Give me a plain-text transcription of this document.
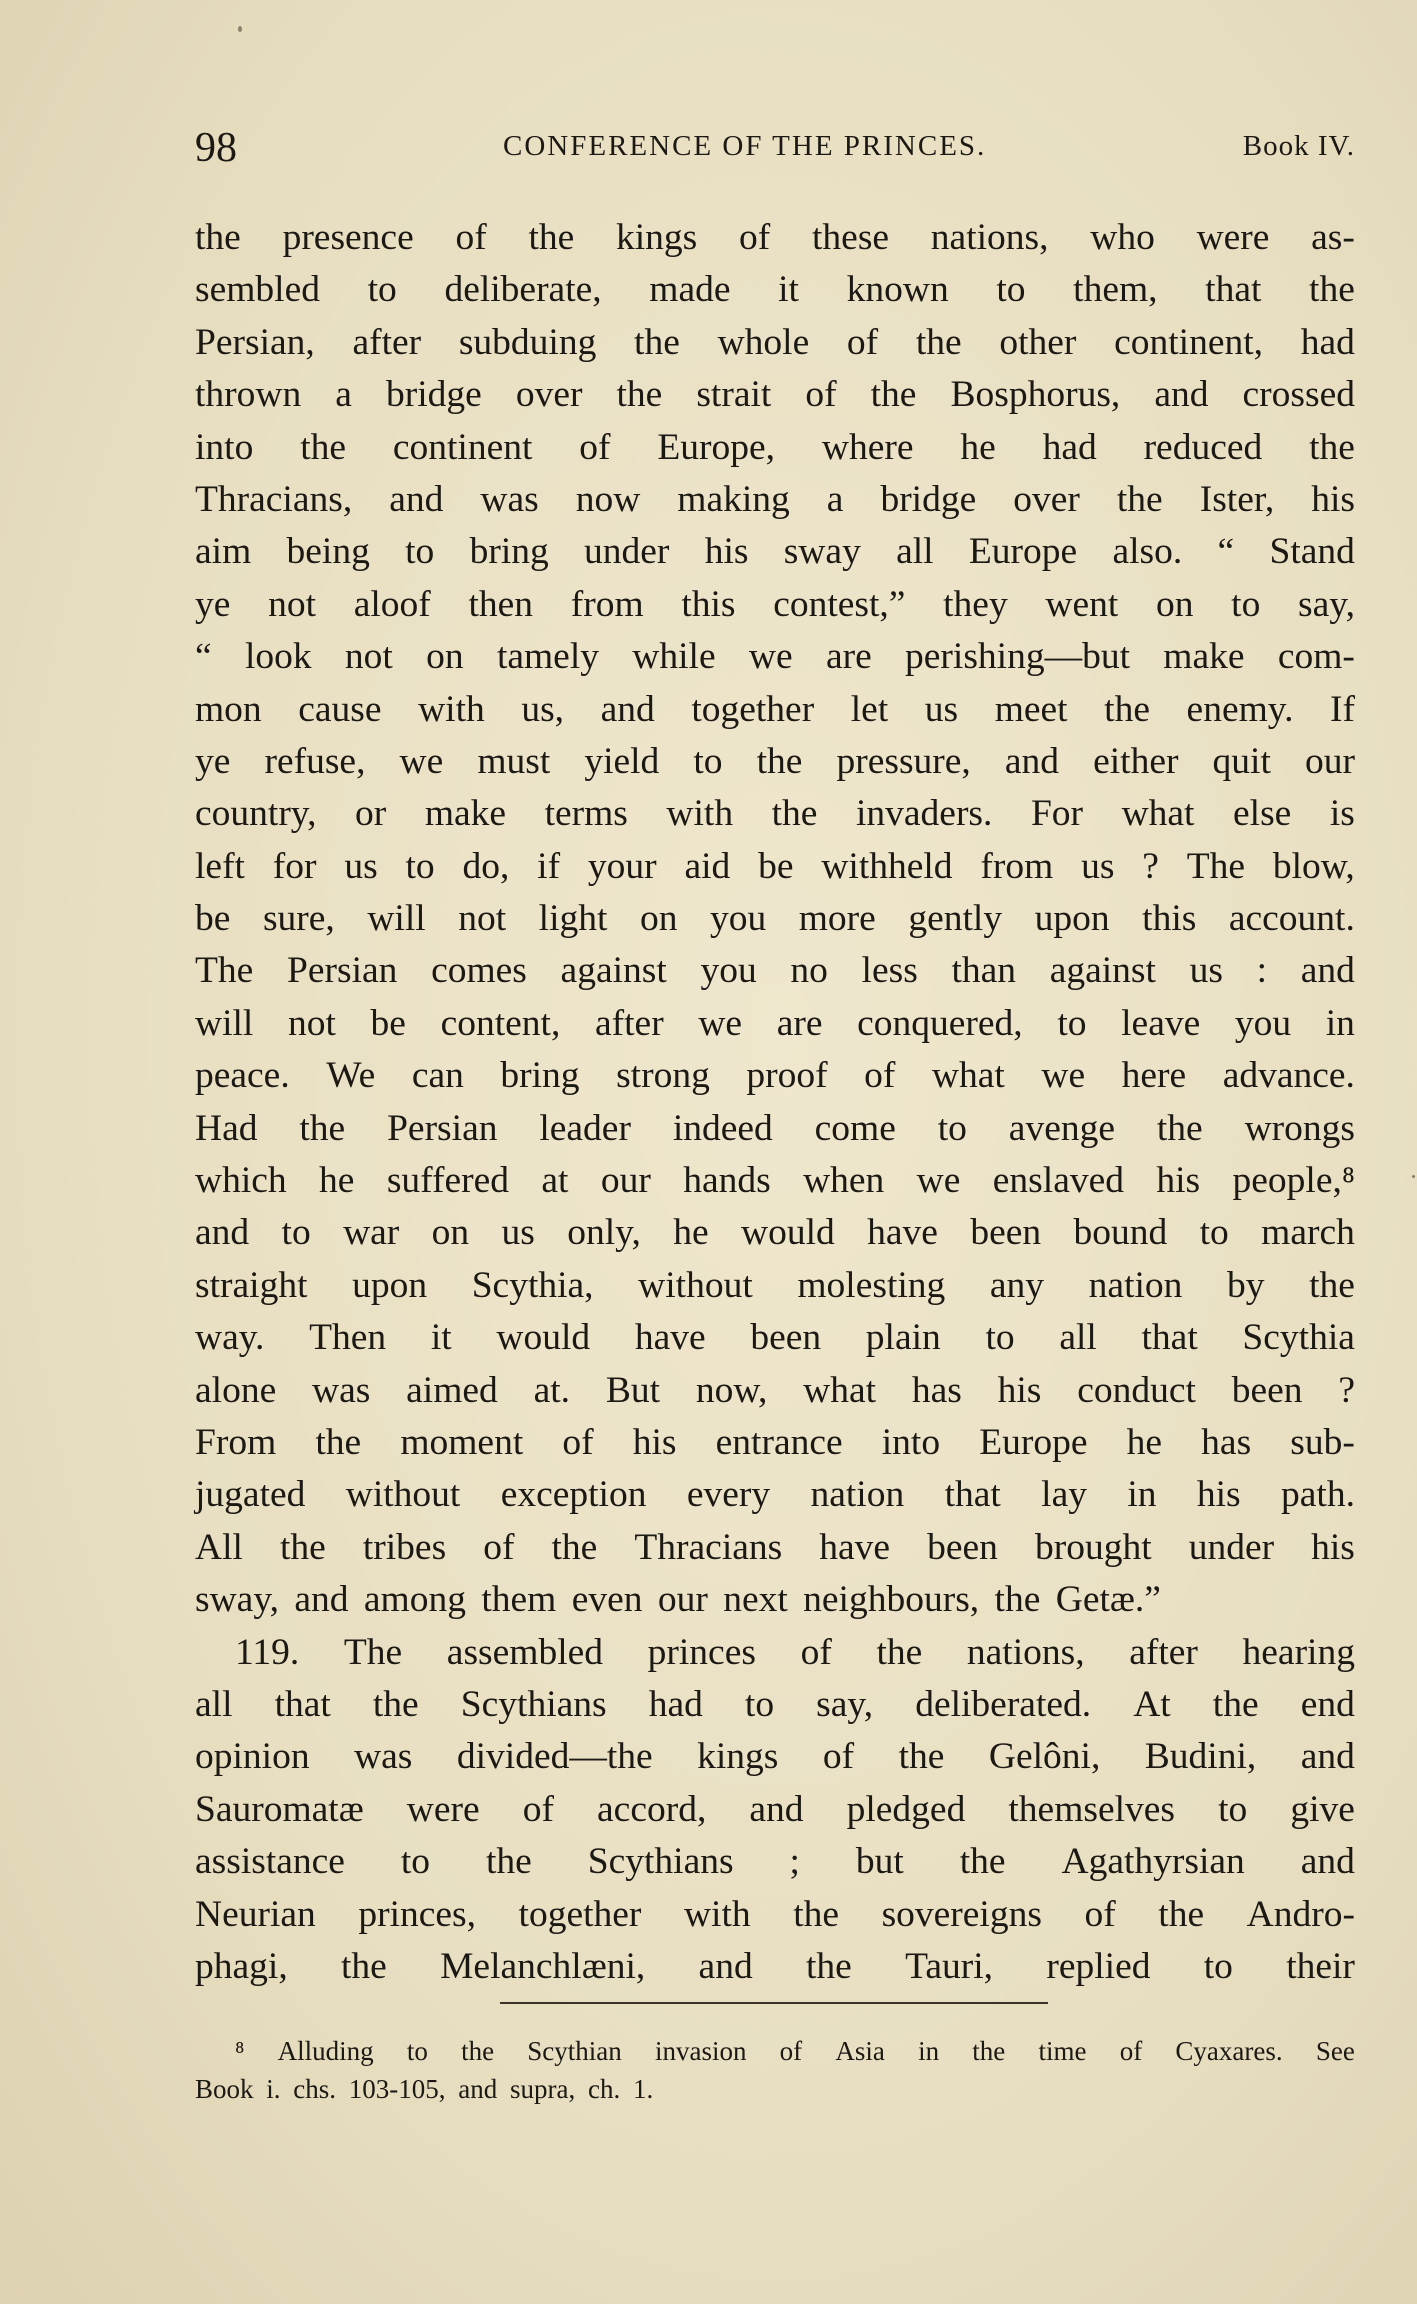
98	CONFERENCE OF THE PRINCES.	Book IV.
the presence of the kings of these nations, who were as-
sembled to deliberate, made it known to them, that the
Persian, after subduing the whole of the other continent, had
thrown a bridge over the strait of the Bosphorus, and crossed
into the continent of Europe, where he had reduced the
Thracians, and was now making a bridge over the Ister, his
aim being to bring under his sway all Europe also. “ Stand
ye not aloof then from this contest,” they went on to say,
“ look not on tamely while we are perishing—but make com-
mon cause with us, and together let us meet the enemy. If
ye refuse, we must yield to the pressure, and either quit our
country, or make terms with the invaders. For what else is
left for us to do, if your aid be withheld from us ? The blow,
be sure, will not light on you more gently upon this account.
The Persian comes against you no less than against us : and
will not be content, after we are conquered, to leave you in
peace. We can bring strong proof of what we here advance.
Had the Persian leader indeed come to avenge the wrongs
which he suffered at our hands when we enslaved his people,⁸
and to war on us only, he would have been bound to march
straight upon Scythia, without molesting any nation by the
way. Then it would have been plain to all that Scythia
alone was aimed at. But now, what has his conduct been ?
From the moment of his entrance into Europe he has sub-
jugated without exception every nation that lay in his path.
All the tribes of the Thracians have been brought under his
sway, and among them even our next neighbours, the Getæ.”
119. The assembled princes of the nations, after hearing
all that the Scythians had to say, deliberated. At the end
opinion was divided—the kings of the Gelôni, Budini, and
Sauromatæ were of accord, and pledged themselves to give
assistance to the Scythians ; but the Agathyrsian and
Neurian princes, together with the sovereigns of the Andro-
phagi, the Melanchlæni, and the Tauri, replied to their
⁸ Alluding to the Scythian invasion of Asia in the time of Cyaxares. See
Book i. chs. 103-105, and supra, ch. 1.
